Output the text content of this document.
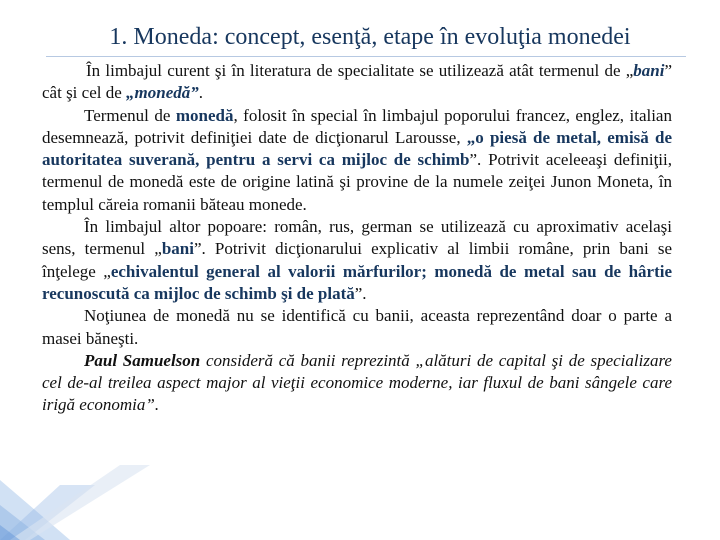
1. Moneda: concept, esenţă, etape în evoluţia monedei

În limbajul curent şi în literatura de specialitate se utilizează atât termenul de „bani” cât şi cel de „monedă”.

Termenul de monedă, folosit în special în limbajul poporului francez, englez, italian desemnează, potrivit definiţiei date de dicţionarul Larousse, „o piesă de metal, emisă de autoritatea suverană, pentru a servi ca mijloc de schimb”. Potrivit aceleeaşi definiţii, termenul de monedă este de origine latină şi provine de la numele zeiţei Junon Moneta, în templul căreia romanii băteau monede.

În limbajul altor popoare: român, rus, german se utilizează cu aproximativ acelaşi sens, termenul „bani”. Potrivit dicţionarului explicativ al limbii române, prin bani se înţelege „echivalentul general al valorii mărfurilor; monedă de metal sau de hârtie recunoscută ca mijloc de schimb şi de plată”.

Noţiunea de monedă nu se identifică cu banii, aceasta reprezentând doar o parte a masei băneşti.

Paul Samuelson consideră că banii reprezintă „alături de capital şi de specializare cel de-al treilea aspect major al vieţii economice moderne, iar fluxul de bani sângele care irigă economia”.
